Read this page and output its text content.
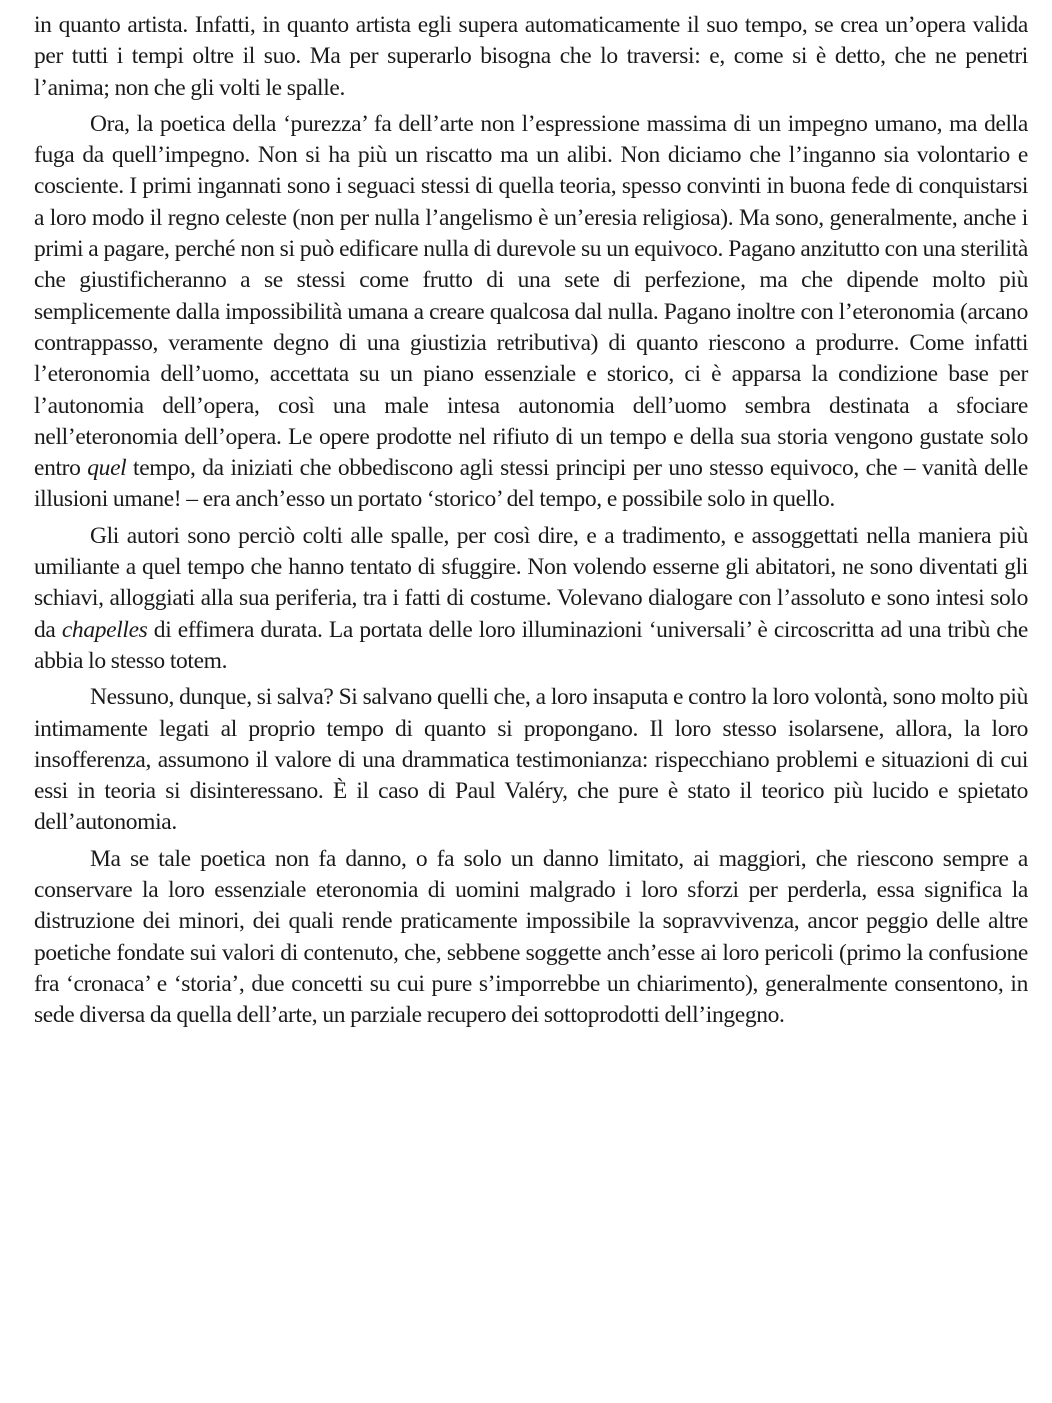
in quanto artista. Infatti, in quanto artista egli supera automaticamente il suo tempo, se crea un’opera valida per tutti i tempi oltre il suo. Ma per superarlo bisogna che lo traversi: e, come si è detto, che ne penetri l’anima; non che gli volti le spalle.

Ora, la poetica della ‘purezza’ fa dell’arte non l’espressione massima di un impegno umano, ma della fuga da quell’impegno. Non si ha più un riscatto ma un alibi. Non diciamo che l’inganno sia volontario e cosciente. I primi ingannati sono i seguaci stessi di quella teoria, spesso convinti in buona fede di conquistarsi a loro modo il regno celeste (non per nulla l’angelismo è un’eresia religiosa). Ma sono, generalmente, anche i primi a pagare, perché non si può edificare nulla di durevole su un equivoco. Pagano anzitutto con una sterilità che giustificheranno a se stessi come frutto di una sete di perfezione, ma che dipende molto più semplicemente dalla impossibilità umana a creare qualcosa dal nulla. Pagano inoltre con l’eteronomia (arcano contrappasso, veramente degno di una giustizia retributiva) di quanto riescono a produrre. Come infatti l’eteronomia dell’uomo, accettata su un piano essenziale e storico, ci è apparsa la condizione base per l’autonomia dell’opera, così una male intesa autonomia dell’uomo sembra destinata a sfociare nell’eteronomia dell’opera. Le opere prodotte nel rifiuto di un tempo e della sua storia vengono gustate solo entro quel tempo, da iniziati che obbediscono agli stessi principi per uno stesso equivoco, che – vanità delle illusioni umane! – era anch’esso un portato ‘storico’ del tempo, e possibile solo in quello.

Gli autori sono perciò colti alle spalle, per così dire, e a tradimento, e assoggettati nella maniera più umiliante a quel tempo che hanno tentato di sfuggire. Non volendo esserne gli abitatori, ne sono diventati gli schiavi, alloggiati alla sua periferia, tra i fatti di costume. Volevano dialogare con l’assoluto e sono intesi solo da chapelles di effimera durata. La portata delle loro illuminazioni ‘universali’ è circoscritta ad una tribù che abbia lo stesso totem.

Nessuno, dunque, si salva? Si salvano quelli che, a loro insaputa e contro la loro volontà, sono molto più intimamente legati al proprio tempo di quanto si propongano. Il loro stesso isolarsene, allora, la loro insofferenza, assumono il valore di una drammatica testimonianza: rispecchiano problemi e situazioni di cui essi in teoria si disinteressano. È il caso di Paul Valéry, che pure è stato il teorico più lucido e spietato dell’autonomia.

Ma se tale poetica non fa danno, o fa solo un danno limitato, ai maggiori, che riescono sempre a conservare la loro essenziale eteronomia di uomini malgrado i loro sforzi per perderla, essa significa la distruzione dei minori, dei quali rende praticamente impossibile la sopravvivenza, ancor peggio delle altre poetiche fondate sui valori di contenuto, che, sebbene soggette anch’esse ai loro pericoli (primo la confusione fra ‘cronaca’ e ‘storia’, due concetti su cui pure s’imporrebbe un chiarimento), generalmente consentono, in sede diversa da quella dell’arte, un parziale recupero dei sottoprodotti dell’ingegno.
